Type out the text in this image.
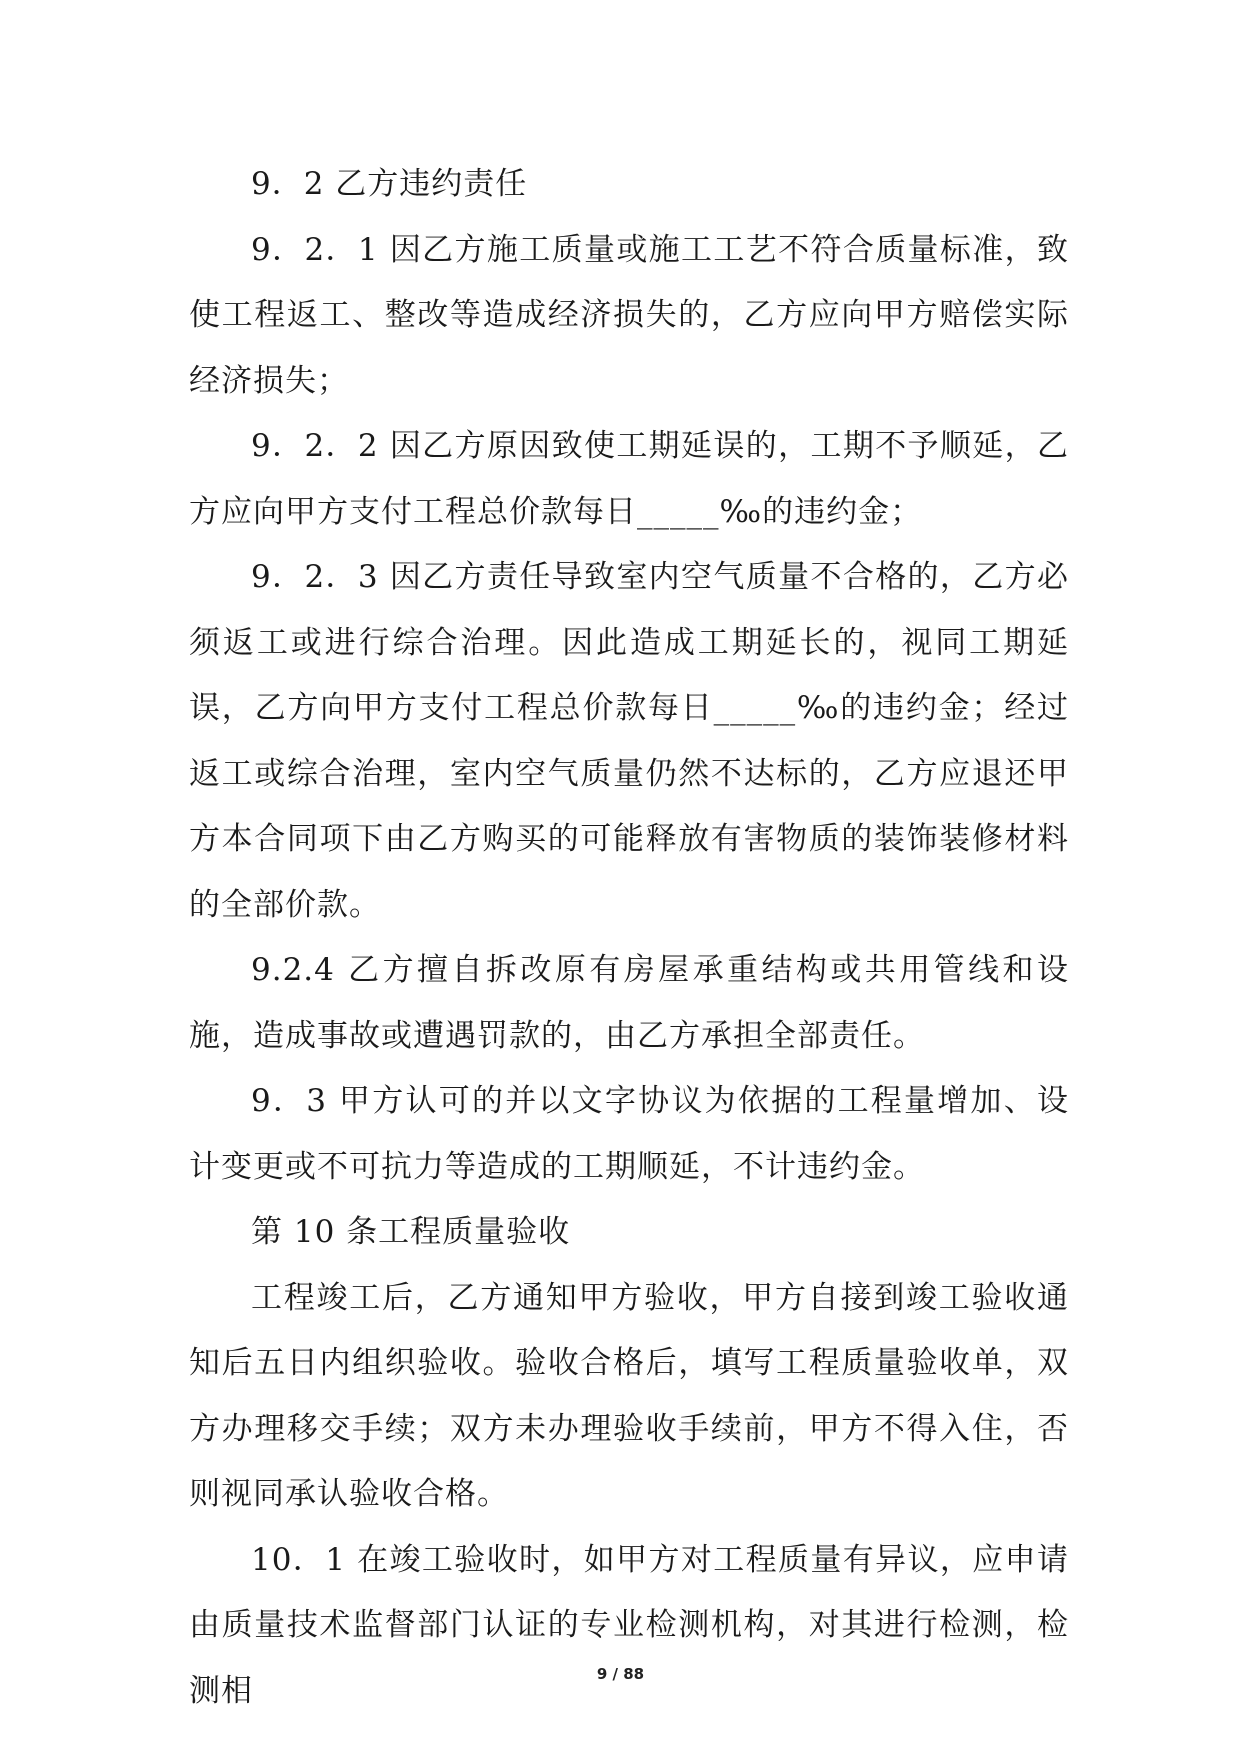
9．2 乙方违约责任

9．2．1 因乙方施工质量或施工工艺不符合质量标准，致使工程返工、整改等造成经济损失的，乙方应向甲方赔偿实际经济损失；

9．2．2 因乙方原因致使工期延误的，工期不予顺延，乙方应向甲方支付工程总价款每日_____‰的违约金；

9．2．3 因乙方责任导致室内空气质量不合格的，乙方必须返工或进行综合治理。因此造成工期延长的，视同工期延误，乙方向甲方支付工程总价款每日_____‰的违约金；经过返工或综合治理，室内空气质量仍然不达标的，乙方应退还甲方本合同项下由乙方购买的可能释放有害物质的装饰装修材料的全部价款。

9.2.4 乙方擅自拆改原有房屋承重结构或共用管线和设施，造成事故或遭遇罚款的，由乙方承担全部责任。

9．3 甲方认可的并以文字协议为依据的工程量增加、设计变更或不可抗力等造成的工期顺延，不计违约金。

第 10 条工程质量验收

工程竣工后，乙方通知甲方验收，甲方自接到竣工验收通知后五日内组织验收。验收合格后，填写工程质量验收单，双方办理移交手续；双方未办理验收手续前，甲方不得入住，否则视同承认验收合格。

10．1 在竣工验收时，如甲方对工程质量有异议，应申请由质量技术监督部门认证的专业检测机构，对其进行检测，检测相	9 / 88
